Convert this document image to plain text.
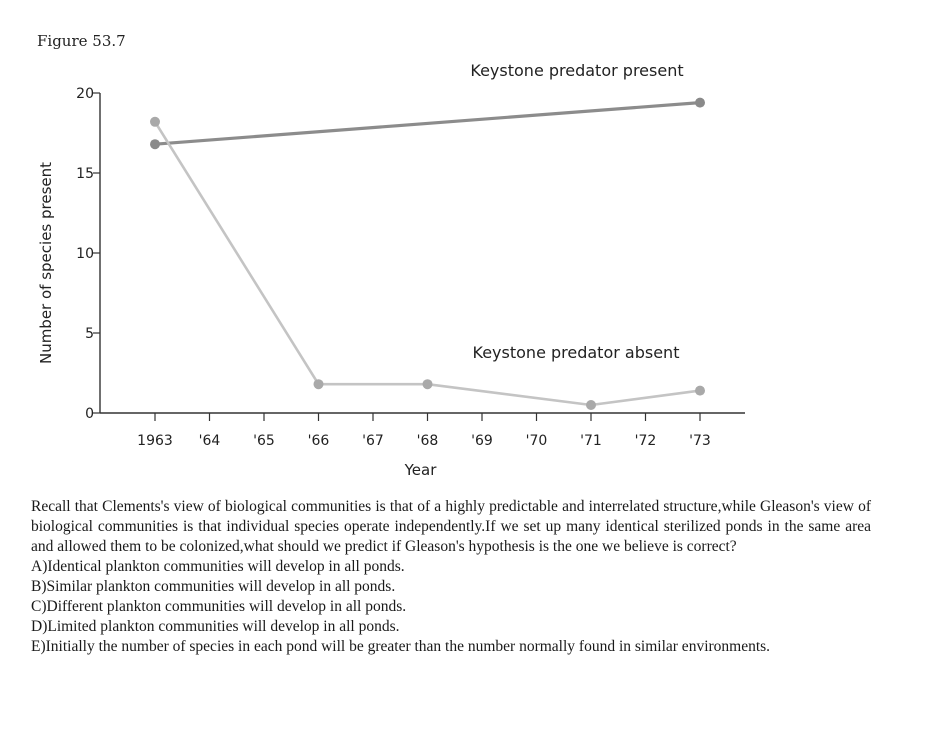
Figure 53.7
0
5
10
15
20
1963 '64 '65 '66 '67 '68 '69 '70 '71 '72 '73
Year
Number of species present
Keystone predator present
Keystone predator absent

Recall that Clements's view of biological communities is that of a highly predictable and interrelated structure,while Gleason's view of biological communities is that individual species operate independently.If we set up many identical sterilized ponds in the same area and allowed them to be colonized,what should we predict if Gleason's hypothesis is the one we believe is correct?

A)Identical plankton communities will develop in all ponds.

B)Similar plankton communities will develop in all ponds.

C)Different plankton communities will develop in all ponds.

D)Limited plankton communities will develop in all ponds.

E)Initially the number of species in each pond will be greater than the number normally found in similar environments.
